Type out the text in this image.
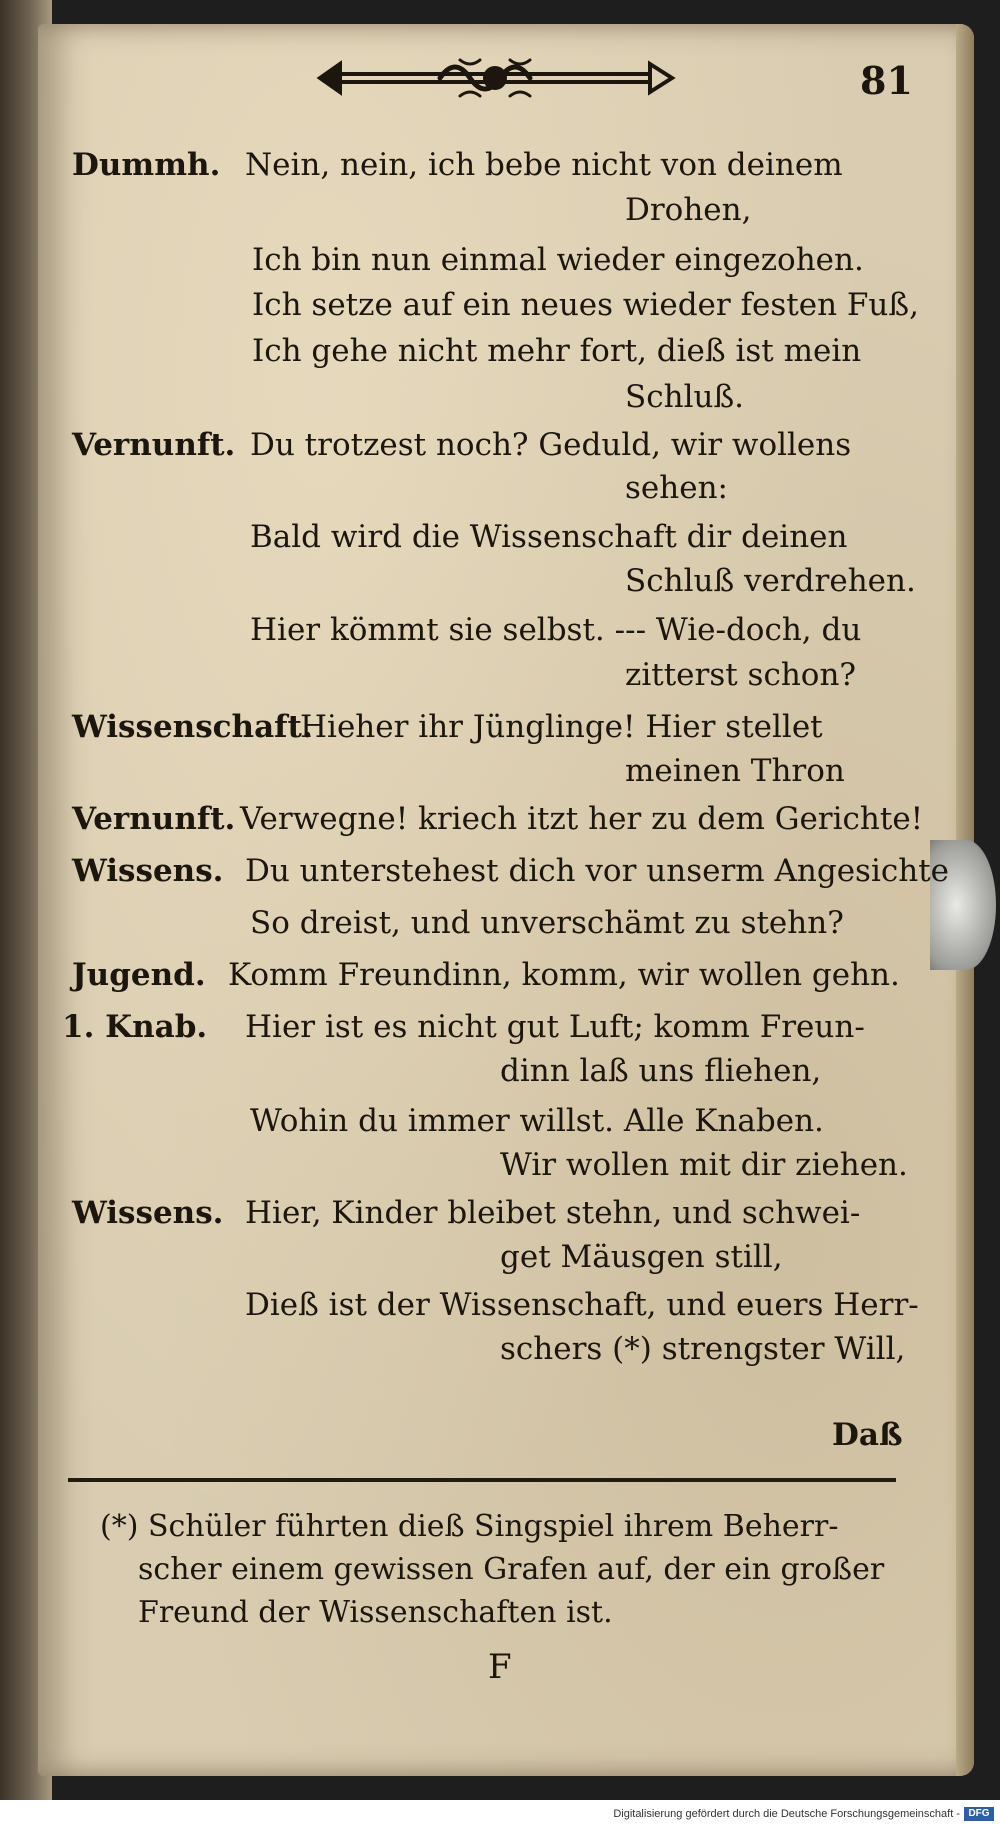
81
Dummh. Nein, nein, ich bebe nicht von deinem
Drohen,
Ich bin nun einmal wieder eingezohen.
Ich setze auf ein neues wieder festen Fuß,
Ich gehe nicht mehr fort, dieß ist mein
Schluß.
Vernunft. Du trotzest noch? Geduld, wir wollens
sehen:
Bald wird die Wissenschaft dir deinen
Schluß verdrehen.
Hier kömmt sie selbst. --- Wie-doch, du
zitterst schon?
Wissenschaft.
Hieher ihr Jünglinge! Hier stellet
meinen Thron
Vernunft. Verwegne! kriech itzt her zu dem Gerichte!
Wissens. Du unterstehest dich vor unserm Angesichte
So dreist, und unverschämt zu stehn?
Jugend. Komm Freundinn, komm, wir wollen gehn.
1. Knab. Hier ist es nicht gut Luft; komm Freun-
dinn laß uns fliehen,
Wohin du immer willst. Alle Knaben.
Wir wollen mit dir ziehen.
Wissens. Hier, Kinder bleibet stehn, und schwei-
get Mäusgen still,
Dieß ist der Wissenschaft, und euers Herr-
schers (*) strengster Will,
Daß
(*) Schüler führten dieß Singspiel ihrem Beherr-
scher einem gewissen Grafen auf, der ein großer
Freund der Wissenschaften ist.
F
Digitalisierung gefördert durch die Deutsche Forschungsgemeinschaft - DFG
